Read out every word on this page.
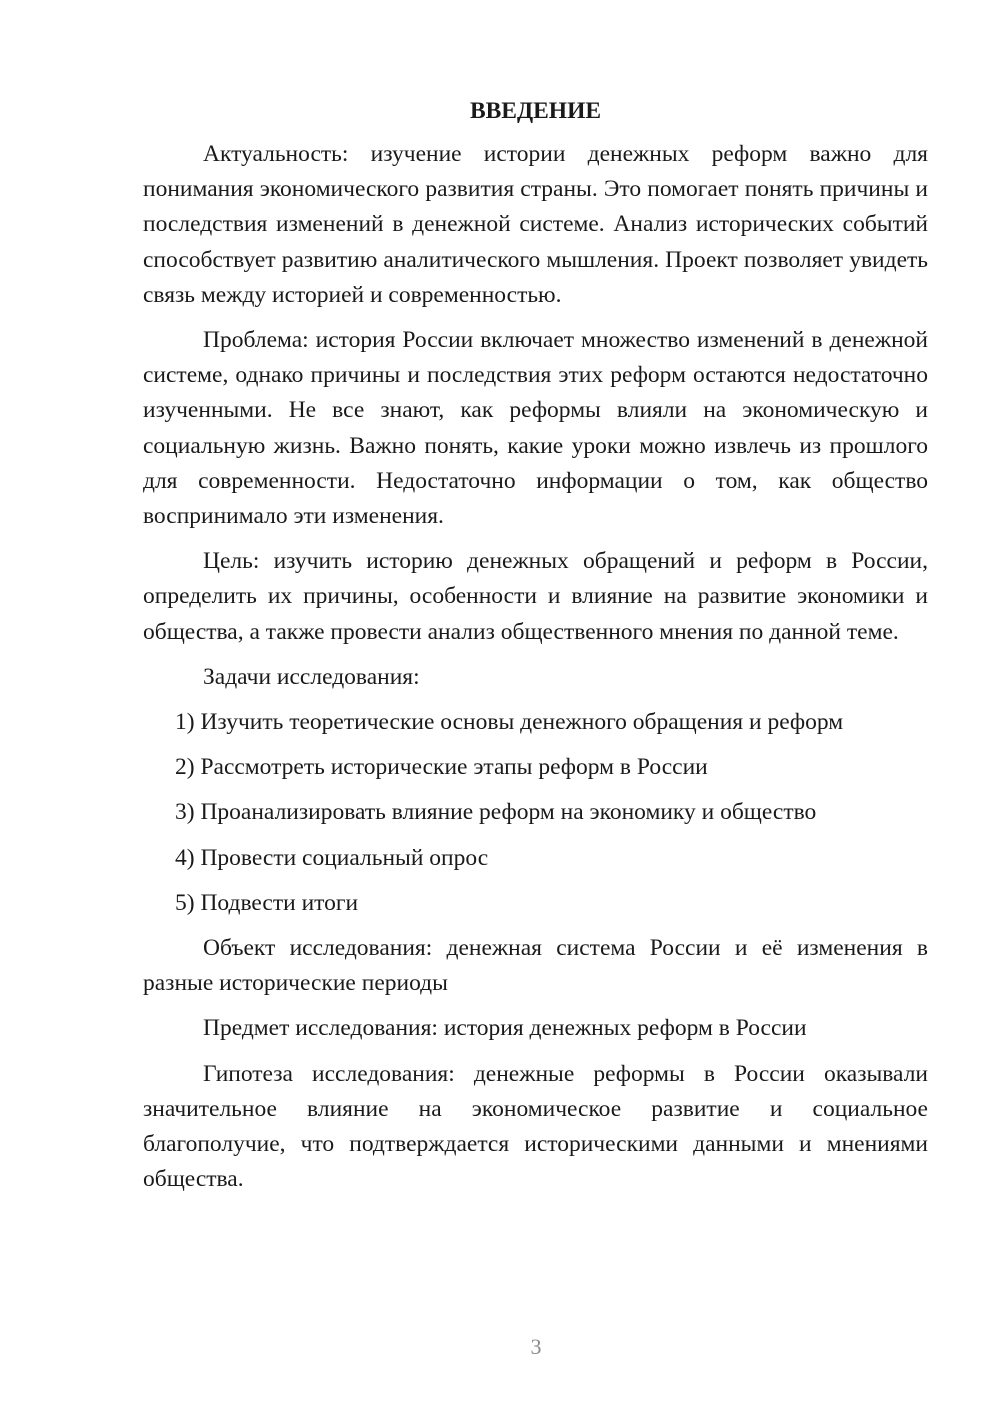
ВВЕДЕНИЕ

Актуальность: изучение истории денежных реформ важно для понимания экономического развития страны. Это помогает понять причины и последствия изменений в денежной системе. Анализ исторических событий способствует развитию аналитического мышления. Проект позволяет увидеть связь между историей и современностью.

Проблема: история России включает множество изменений в денежной системе, однако причины и последствия этих реформ остаются недостаточно изученными. Не все знают, как реформы влияли на экономическую и социальную жизнь. Важно понять, какие уроки можно извлечь из прошлого для современности. Недостаточно информации о том, как общество воспринимало эти изменения.

Цель: изучить историю денежных обращений и реформ в России, определить их причины, особенности и влияние на развитие экономики и общества, а также провести анализ общественного мнения по данной теме.

Задачи исследования:

1) Изучить теоретические основы денежного обращения и реформ
2) Рассмотреть исторические этапы реформ в России
3) Проанализировать влияние реформ на экономику и общество
4) Провести социальный опрос
5) Подвести итоги

Объект исследования: денежная система России и её изменения в разные исторические периоды

Предмет исследования: история денежных реформ в России

Гипотеза исследования: денежные реформы в России оказывали значительное влияние на экономическое развитие и социальное благополучие, что подтверждается историческими данными и мнениями общества.

3
